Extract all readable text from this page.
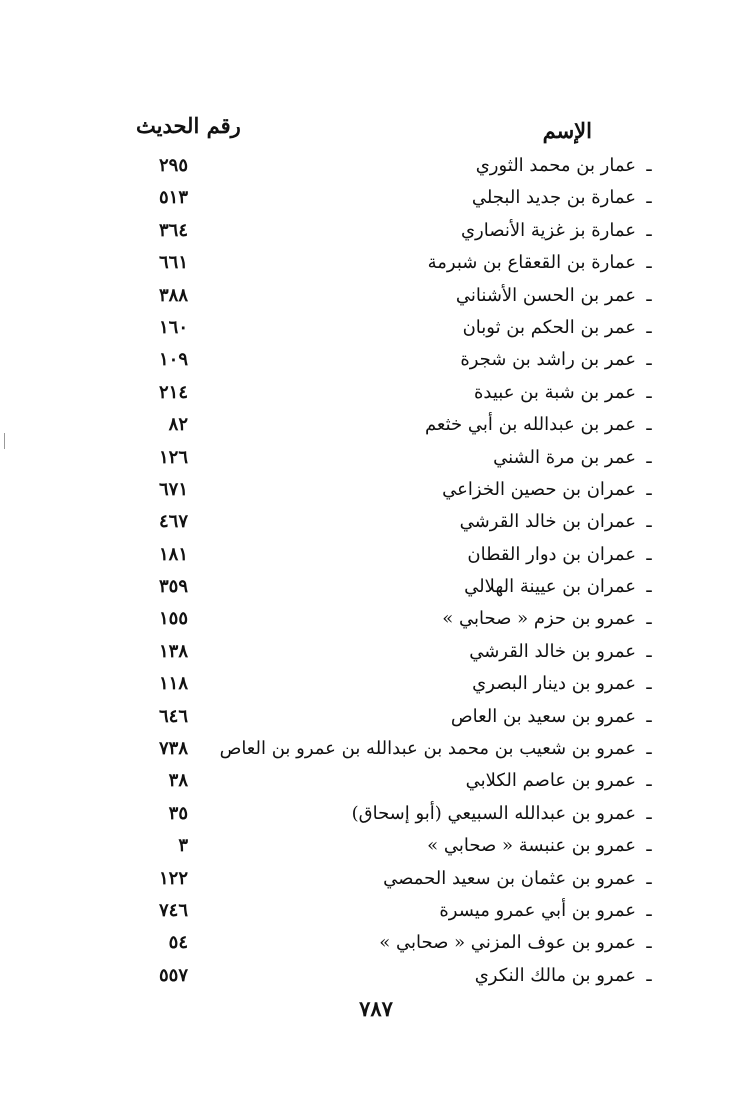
الإسم
رقم الحديث
ـعمار بن محمد الثوري
٢٩٥
ـعمارة بن جديد البجلي
٥١٣
ـعمارة بز غزية الأنصاري
٣٦٤
ـعمارة بن القعقاع بن شبرمة
٦٦١
ـعمر بن الحسن الأشناني
٣٨٨
ـعمر بن الحكم بن ثوبان
١٦٠
ـعمر بن راشد بن شجرة
١٠٩
ـعمر بن شبة بن عبيدة
٢١٤
ـعمر بن عبدالله بن أبي خثعم
٨٢
ـعمر بن مرة الشني
١٢٦
ـعمران بن حصين الخزاعي
٦٧١
ـعمران بن خالد القرشي
٤٦٧
ـعمران بن دوار القطان
١٨١
ـعمران بن عيينة الهلالي
٣٥٩
ـعمرو بن حزم « صحابي »
١٥٥
ـعمرو بن خالد القرشي
١٣٨
ـعمرو بن دينار البصري
١١٨
ـعمرو بن سعيد بن العاص
٦٤٦
ـعمرو بن شعيب بن محمد بن عبدالله بن عمرو بن العاص
٧٣٨
ـعمرو بن عاصم الكلابي
٣٨
ـعمرو بن عبدالله السبيعي (أبو إسحاق)
٣٥
ـعمرو بن عنبسة « صحابي »
٣
ـعمرو بن عثمان بن سعيد الحمصي
١٢٢
ـعمرو بن أبي عمرو ميسرة
٧٤٦
ـعمرو بن عوف المزني « صحابي »
٥٤
ـعمرو بن مالك النكري
٥٥٧
٧٨٧
